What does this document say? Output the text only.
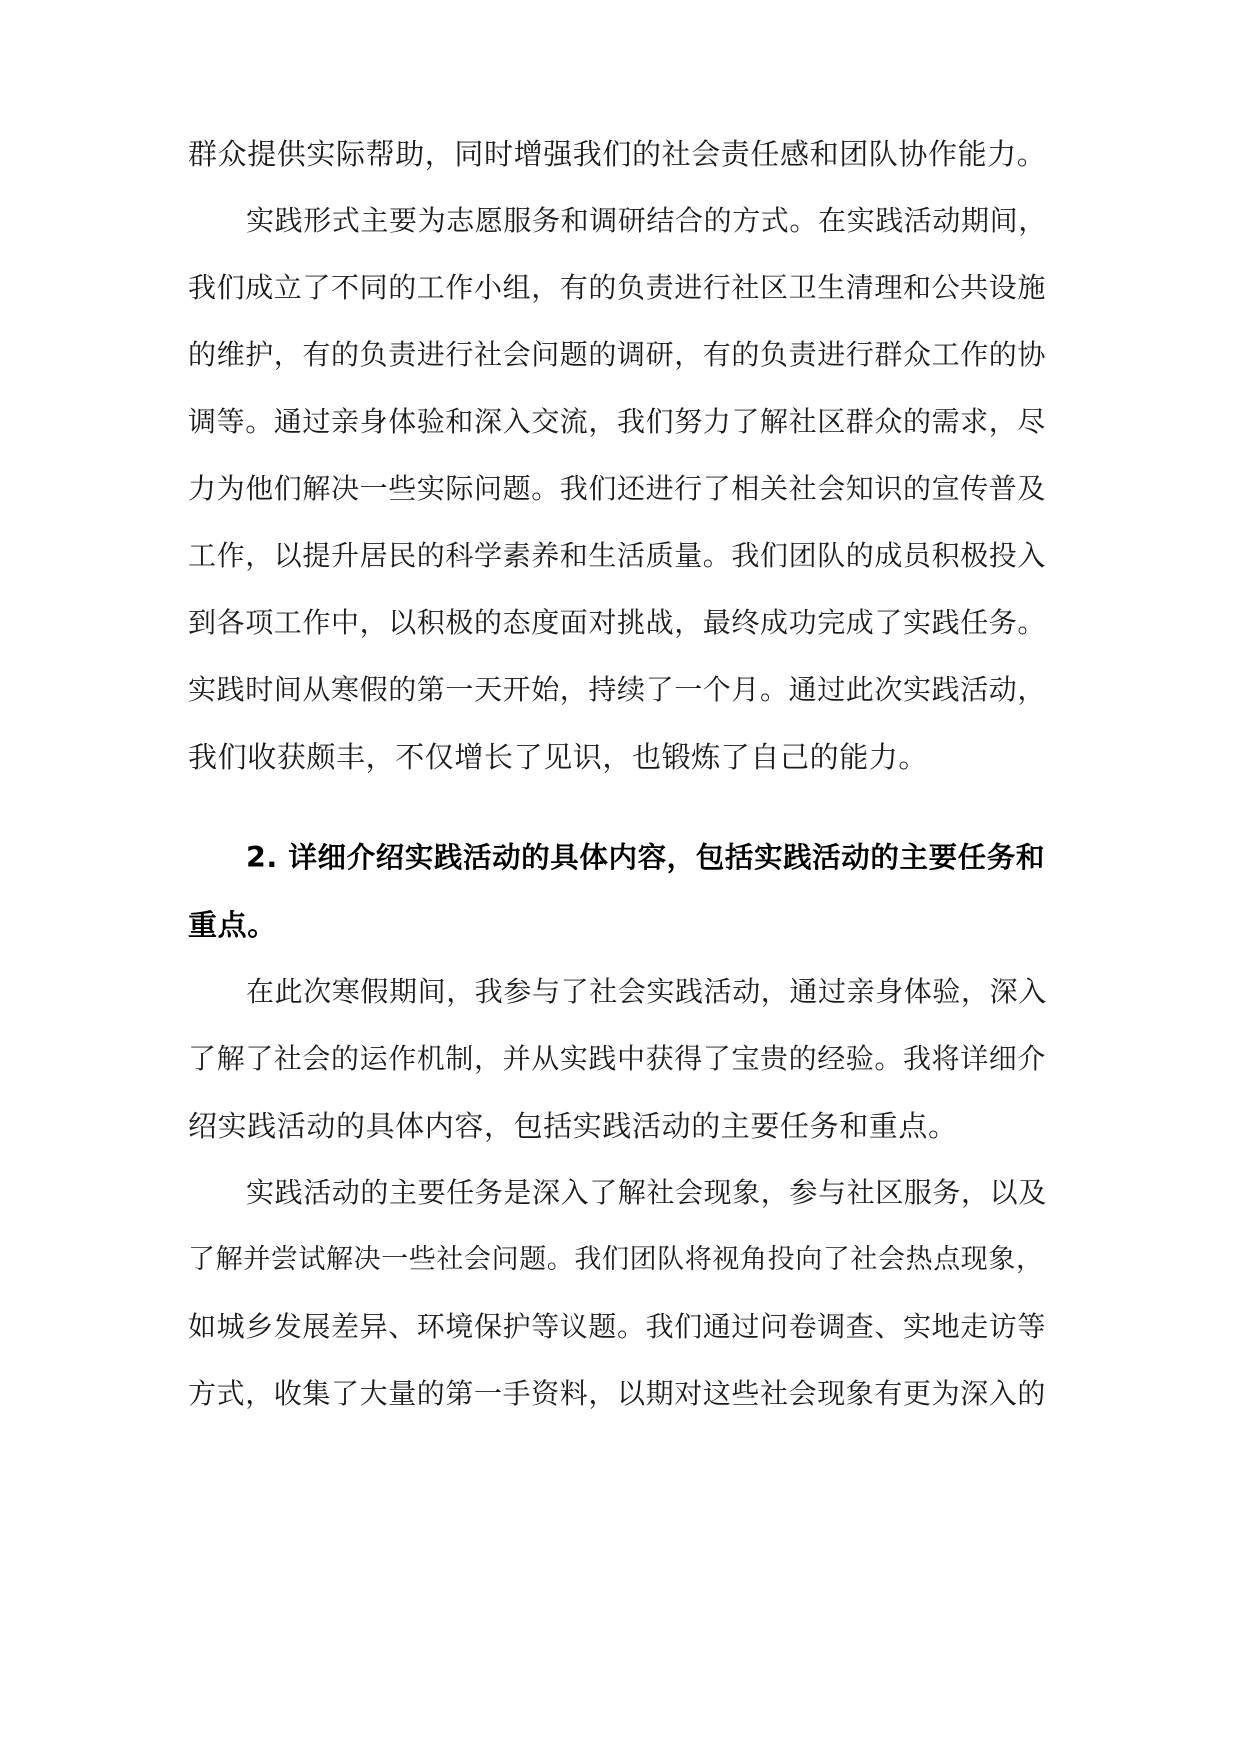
群众提供实际帮助，同时增强我们的社会责任感和团队协作能力。
实践形式主要为志愿服务和调研结合的方式。在实践活动期间，
我们成立了不同的工作小组，有的负责进行社区卫生清理和公共设施
的维护，有的负责进行社会问题的调研，有的负责进行群众工作的协
调等。通过亲身体验和深入交流，我们努力了解社区群众的需求，尽
力为他们解决一些实际问题。我们还进行了相关社会知识的宣传普及
工作，以提升居民的科学素养和生活质量。我们团队的成员积极投入
到各项工作中，以积极的态度面对挑战，最终成功完成了实践任务。
实践时间从寒假的第一天开始，持续了一个月。通过此次实践活动，
我们收获颇丰，不仅增长了见识，也锻炼了自己的能力。
2. 详细介绍实践活动的具体内容，包括实践活动的主要任务和
重点。
在此次寒假期间，我参与了社会实践活动，通过亲身体验，深入
了解了社会的运作机制，并从实践中获得了宝贵的经验。我将详细介
绍实践活动的具体内容，包括实践活动的主要任务和重点。
实践活动的主要任务是深入了解社会现象，参与社区服务，以及
了解并尝试解决一些社会问题。我们团队将视角投向了社会热点现象，
如城乡发展差异、环境保护等议题。我们通过问卷调查、实地走访等
方式，收集了大量的第一手资料，以期对这些社会现象有更为深入的
